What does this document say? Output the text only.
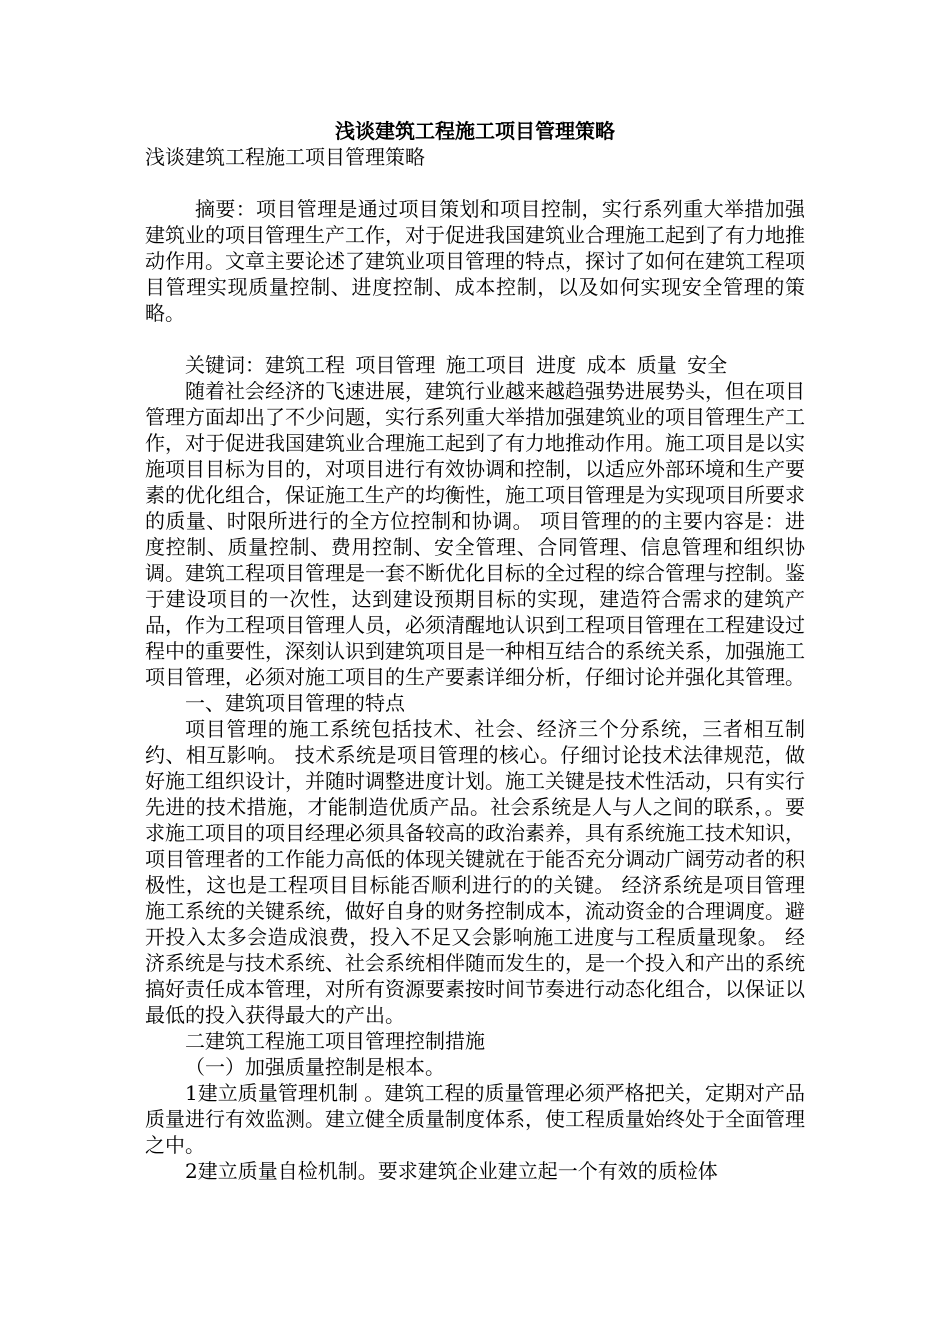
浅谈建筑工程施工项目管理策略

浅谈建筑工程施工项目管理策略

摘要：项目管理是通过项目策划和项目控制，实行系列重大举措加强建筑业的项目管理生产工作，对于促进我国建筑业合理施工起到了有力地推动作用。文章主要论述了建筑业项目管理的特点，探讨了如何在建筑工程项目管理实现质量控制、进度控制、成本控制，以及如何实现安全管理的策略。

关键词：建筑工程 项目管理 施工项目 进度 成本 质量 安全

随着社会经济的飞速进展，建筑行业越来越趋强势进展势头，但在项目管理方面却出了不少问题，实行系列重大举措加强建筑业的项目管理生产工作，对于促进我国建筑业合理施工起到了有力地推动作用。施工项目是以实施项目目标为目的，对项目进行有效协调和控制，以适应外部环境和生产要素的优化组合，保证施工生产的均衡性，施工项目管理是为实现项目所要求的质量、时限所进行的全方位控制和协调。 项目管理的的主要内容是：进度控制、质量控制、费用控制、安全管理、合同管理、信息管理和组织协调。建筑工程项目管理是一套不断优化目标的全过程的综合管理与控制。鉴于建设项目的一次性，达到建设预期目标的实现，建造符合需求的建筑产品，作为工程项目管理人员，必须清醒地认识到工程项目管理在工程建设过程中的重要性，深刻认识到建筑项目是一种相互结合的系统关系，加强施工项目管理，必须对施工项目的生产要素详细分析，仔细讨论并强化其管理。

一、建筑项目管理的特点

项目管理的施工系统包括技术、社会、经济三个分系统，三者相互制约、相互影响。 技术系统是项目管理的核心。仔细讨论技术法律规范，做好施工组织设计，并随时调整进度计划。施工关键是技术性活动，只有实行先进的技术措施，才能制造优质产品。社会系统是人与人之间的联系，。要求施工项目的项目经理必须具备较高的政治素养，具有系统施工技术知识，项目管理者的工作能力高低的体现关键就在于能否充分调动广阔劳动者的积极性，这也是工程项目目标能否顺利进行的的关键。 经济系统是项目管理施工系统的关键系统，做好自身的财务控制成本，流动资金的合理调度。避开投入太多会造成浪费，投入不足又会影响施工进度与工程质量现象。 经济系统是与技术系统、社会系统相伴随而发生的，是一个投入和产出的系统搞好责任成本管理，对所有资源要素按时间节奏进行动态化组合，以保证以最低的投入获得最大的产出。

二建筑工程施工项目管理控制措施

（一）加强质量控制是根本。

1建立质量管理机制 。建筑工程的质量管理必须严格把关，定期对产品质量进行有效监测。建立健全质量制度体系，使工程质量始终处于全面管理之中。

2建立质量自检机制。要求建筑企业建立起一个有效的质检体
